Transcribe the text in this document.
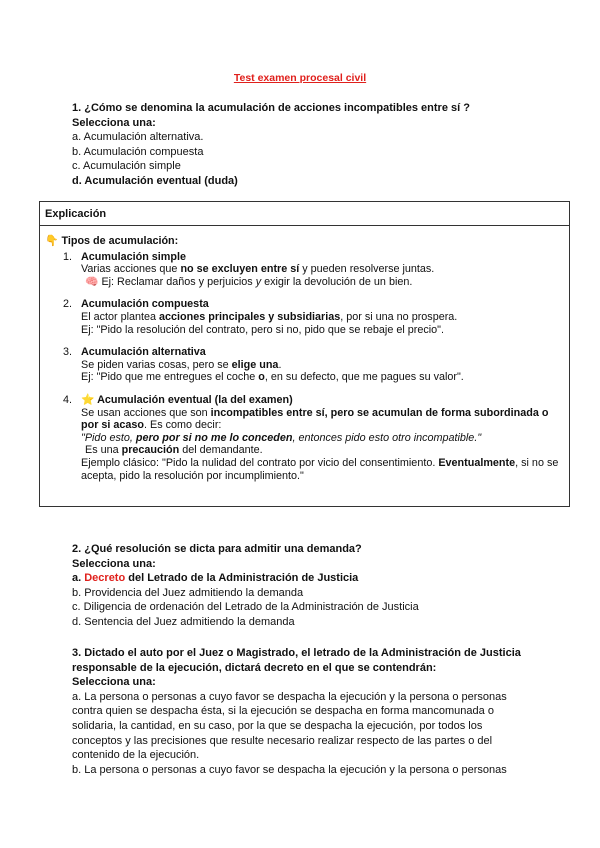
Test examen procesal civil
1. ¿Cómo se denomina la acumulación de acciones incompatibles entre sí ?
Selecciona una:
a. Acumulación alternativa.
b. Acumulación compuesta
c. Acumulación simple
d. Acumulación eventual (duda)
Explicación
👇 Tipos de acumulación:
1. Acumulación simple
Varias acciones que no se excluyen entre sí y pueden resolverse juntas.
🧠 Ej: Reclamar daños y perjuicios y exigir la devolución de un bien.
2. Acumulación compuesta
El actor plantea acciones principales y subsidiarias, por si una no prospera.
Ej: "Pido la resolución del contrato, pero si no, pido que se rebaje el precio".
3. Acumulación alternativa
Se piden varias cosas, pero se elige una.
Ej: "Pido que me entregues el coche o, en su defecto, que me pagues su valor".
4. ⭐ Acumulación eventual (la del examen)
Se usan acciones que son incompatibles entre sí, pero se acumulan de forma subordinada o por si acaso. Es como decir:
"Pido esto, pero por si no me lo conceden, entonces pido esto otro incompatible."
Es una precaución del demandante.
Ejemplo clásico: "Pido la nulidad del contrato por vicio del consentimiento. Eventualmente, si no se acepta, pido la resolución por incumplimiento."
2. ¿Qué resolución se dicta para admitir una demanda?
Selecciona una:
a. Decreto del Letrado de la Administración de Justicia
b. Providencia del Juez admitiendo la demanda
c. Diligencia de ordenación del Letrado de la Administración de Justicia
d. Sentencia del Juez admitiendo la demanda
3. Dictado el auto por el Juez o Magistrado, el letrado de la Administración de Justicia responsable de la ejecución, dictará decreto en el que se contendrán:
Selecciona una:
a. La persona o personas a cuyo favor se despacha la ejecución y la persona o personas contra quien se despacha ésta, si la ejecución se despacha en forma mancomunada o solidaria, la cantidad, en su caso, por la que se despacha la ejecución, por todos los conceptos y las precisiones que resulte necesario realizar respecto de las partes o del contenido de la ejecución.
b. La persona o personas a cuyo favor se despacha la ejecución y la persona o personas
